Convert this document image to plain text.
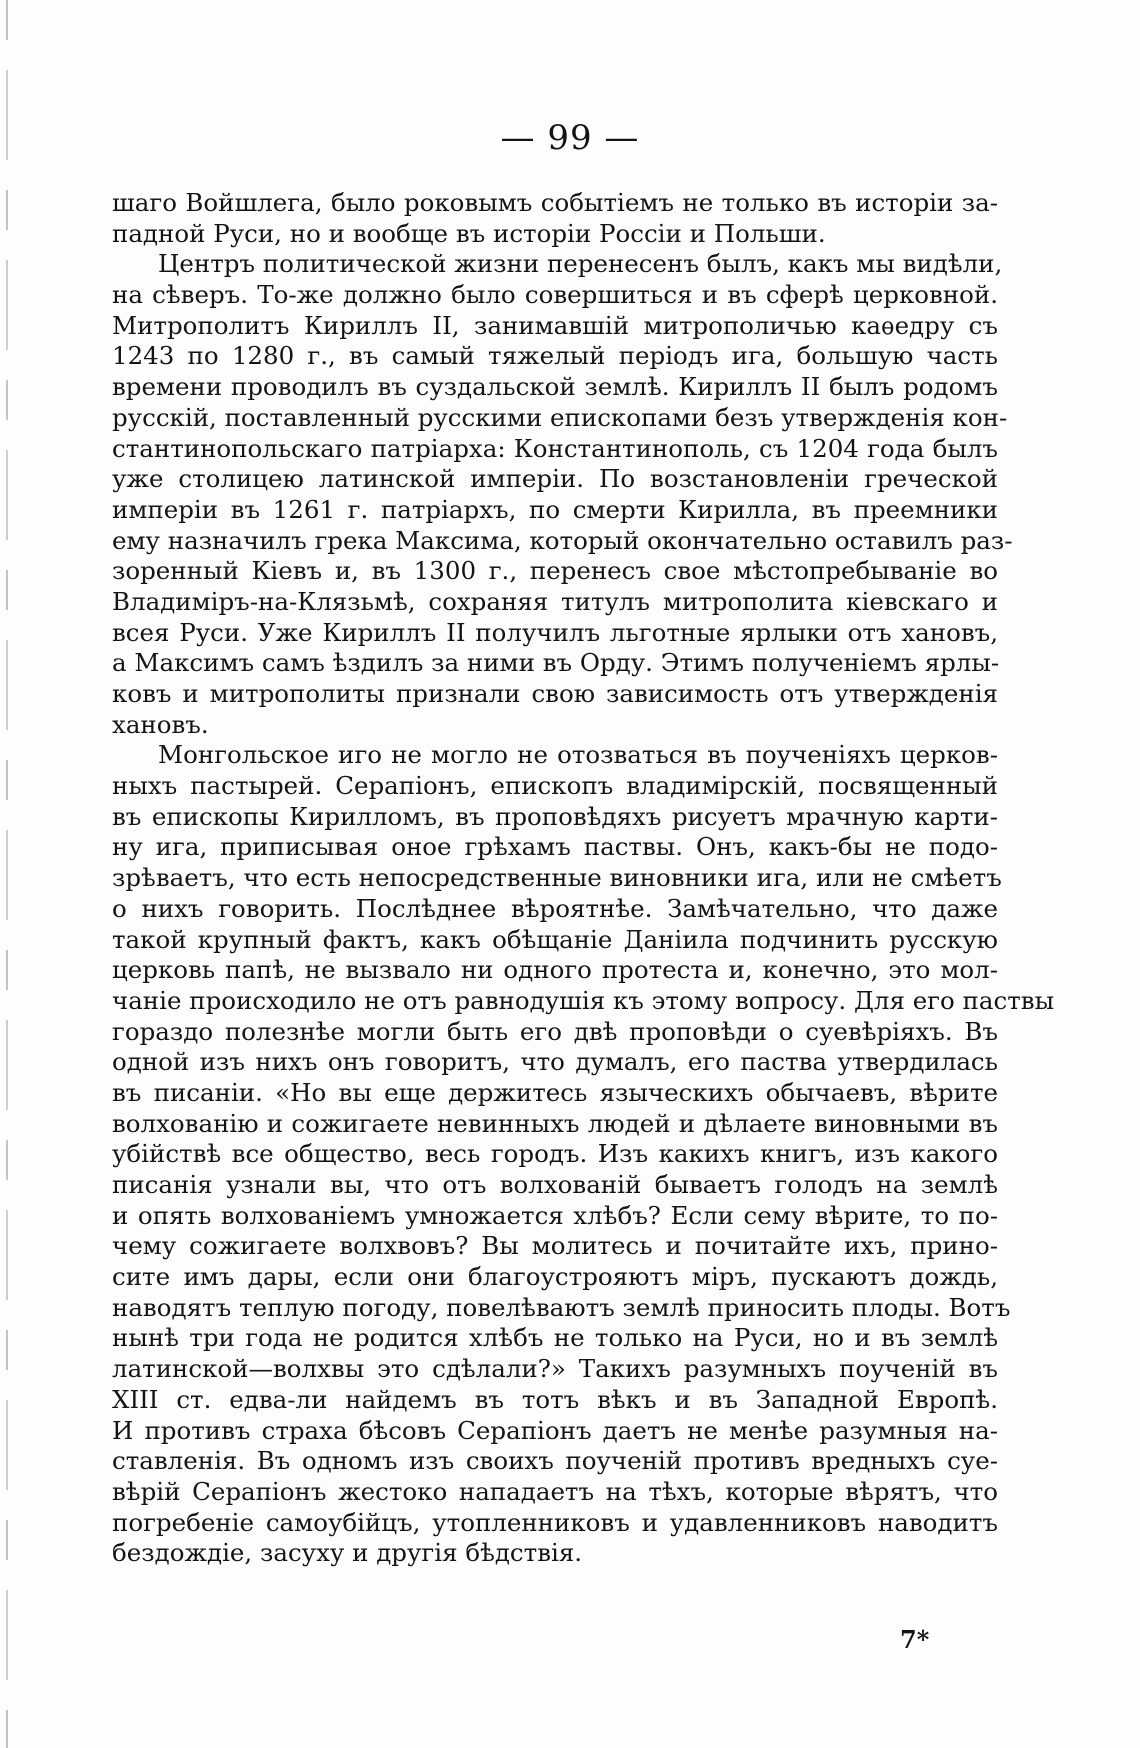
— 99 —
шаго Войшлега, было роковымъ событіемъ не только въ исторіи за-
падной Руси, но и вообще въ исторіи Россіи и Польши.
Центръ политической жизни перенесенъ былъ, какъ мы видѣли,
на сѣверъ. То-же должно было совершиться и въ сферѣ церковной.
Митрополитъ Кириллъ II, занимавшій митрополичью каѳедру съ
1243 по 1280 г., въ самый тяжелый періодъ ига, большую часть
времени проводилъ въ суздальской землѣ. Кириллъ II былъ родомъ
русскій, поставленный русскими епископами безъ утвержденія кон-
стантинопольскаго патріарха: Константинополь, съ 1204 года былъ
уже столицею латинской имперіи. По возстановленіи греческой
имперіи въ 1261 г. патріархъ, по смерти Кирилла, въ преемники
ему назначилъ грека Максима, который окончательно оставилъ раз-
зоренный Кіевъ и, въ 1300 г., перенесъ свое мѣстопребываніе во
Владиміръ-на-Клязьмѣ, сохраняя титулъ митрополита кіевскаго и
всея Руси. Уже Кириллъ II получилъ льготные ярлыки отъ хановъ,
а Максимъ самъ ѣздилъ за ними въ Орду. Этимъ полученіемъ ярлы-
ковъ и митрополиты признали свою зависимость отъ утвержденія
хановъ.
Монгольское иго не могло не отозваться въ поученіяхъ церков-
ныхъ пастырей. Серапіонъ, епископъ владимірскій, посвященный
въ епископы Кирилломъ, въ проповѣдяхъ рисуетъ мрачную карти-
ну ига, приписывая оное грѣхамъ паствы. Онъ, какъ-бы не подо-
зрѣваетъ, что есть непосредственные виновники ига, или не смѣетъ
о нихъ говорить. Послѣднее вѣроятнѣе. Замѣчательно, что даже
такой крупный фактъ, какъ обѣщаніе Даніила подчинить русскую
церковь папѣ, не вызвало ни одного протеста и, конечно, это мол-
чаніе происходило не отъ равнодушія къ этому вопросу. Для его паствы
гораздо полезнѣе могли быть его двѣ проповѣди о суевѣріяхъ. Въ
одной изъ нихъ онъ говоритъ, что думалъ, его паства утвердилась
въ писаніи. «Но вы еще держитесь языческихъ обычаевъ, вѣрите
волхованію и сожигаете невинныхъ людей и дѣлаете виновными въ
убійствѣ все общество, весь городъ. Изъ какихъ книгъ, изъ какого
писанія узнали вы, что отъ волхованій бываетъ голодъ на землѣ
и опять волхованіемъ умножается хлѣбъ? Если сему вѣрите, то по-
чему сожигаете волхвовъ? Вы молитесь и почитайте ихъ, прино-
сите имъ дары, если они благоустрояютъ міръ, пускаютъ дождь,
наводятъ теплую погоду, повелѣваютъ землѣ приносить плоды. Вотъ
нынѣ три года не родится хлѣбъ не только на Руси, но и въ землѣ
латинской—волхвы это сдѣлали?» Такихъ разумныхъ поученій въ
XIII ст. едва-ли найдемъ въ тотъ вѣкъ и въ Западной Европѣ.
И противъ страха бѣсовъ Серапіонъ даетъ не менѣе разумныя на-
ставленія. Въ одномъ изъ своихъ поученій противъ вредныхъ суе-
вѣрій Серапіонъ жестоко нападаетъ на тѣхъ, которые вѣрятъ, что
погребеніе самоубійцъ, утопленниковъ и удавленниковъ наводитъ
бездождіе, засуху и другія бѣдствія.
7*
